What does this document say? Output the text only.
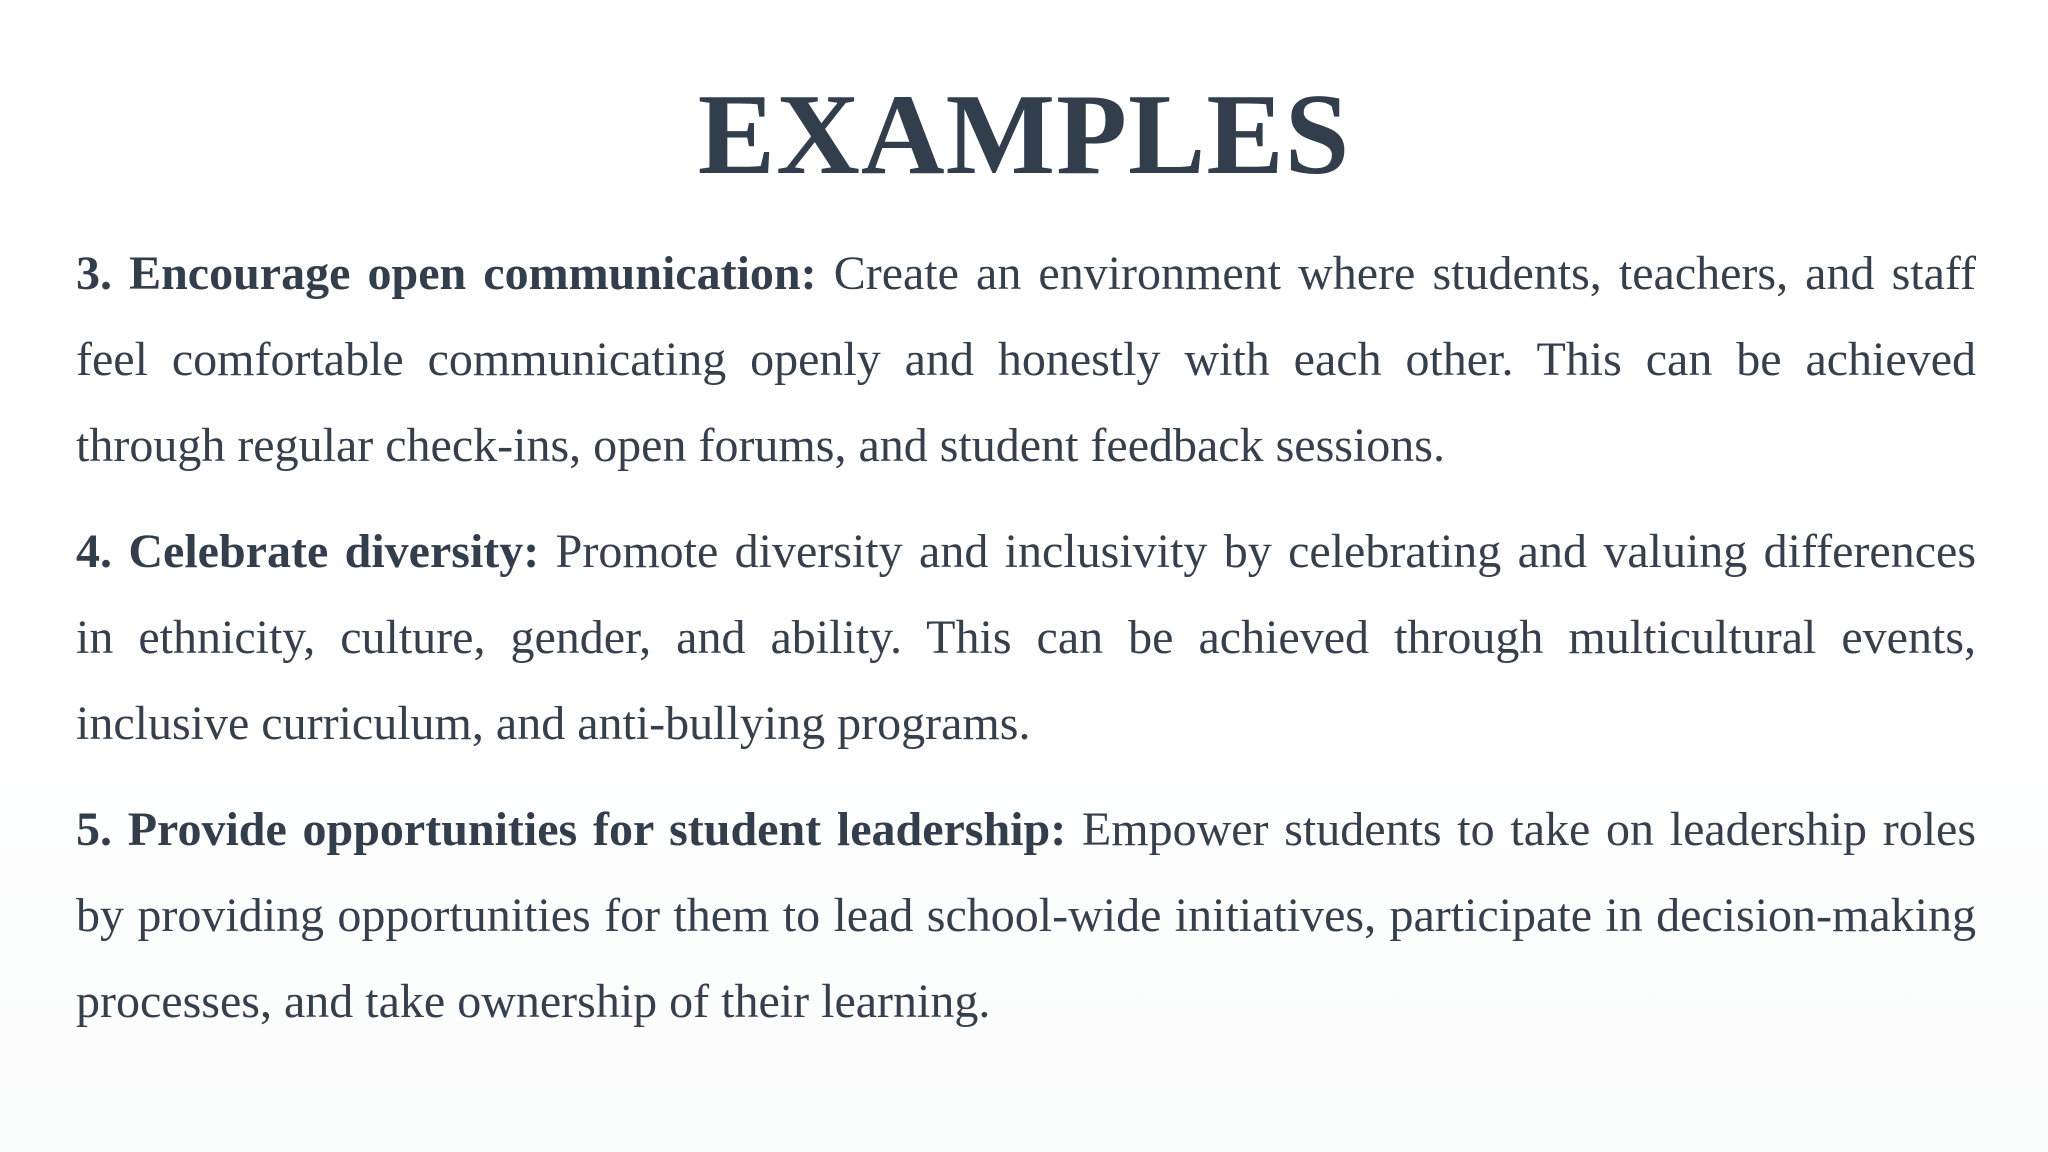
EXAMPLES

3. Encourage open communication: Create an environment where students, teachers, and staff feel comfortable communicating openly and honestly with each other. This can be achieved through regular check-ins, open forums, and student feedback sessions.

4. Celebrate diversity: Promote diversity and inclusivity by celebrating and valuing differences in ethnicity, culture, gender, and ability. This can be achieved through multicultural events, inclusive curriculum, and anti-bullying programs.

5. Provide opportunities for student leadership: Empower students to take on leadership roles by providing opportunities for them to lead school-wide initiatives, participate in decision-making processes, and take ownership of their learning.
